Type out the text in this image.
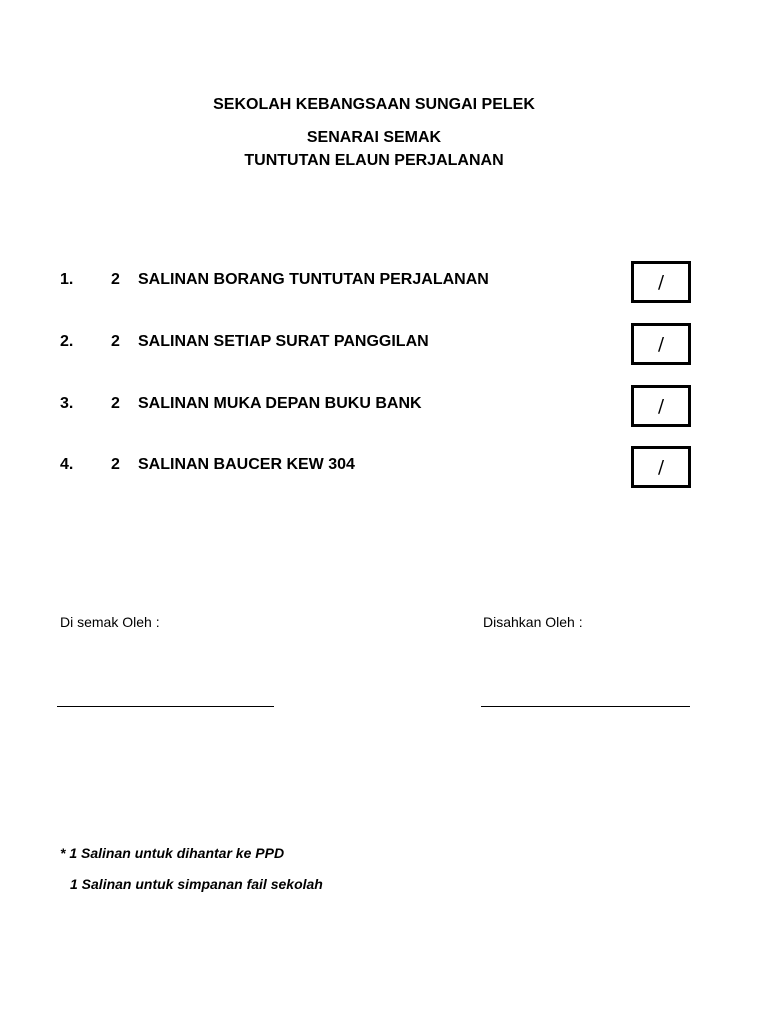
SEKOLAH KEBANGSAAN SUNGAI PELEK
SENARAI SEMAK
TUNTUTAN ELAUN PERJALANAN
1. 2 SALINAN BORANG TUNTUTAN PERJALANAN	/
2. 2 SALINAN SETIAP SURAT PANGGILAN	/
3. 2 SALINAN MUKA DEPAN BUKU BANK	/
4. 2 SALINAN BAUCER KEW 304	/
Di semak Oleh :	Disahkan Oleh :
* 1 Salinan untuk dihantar ke PPD
1 Salinan untuk simpanan fail sekolah
